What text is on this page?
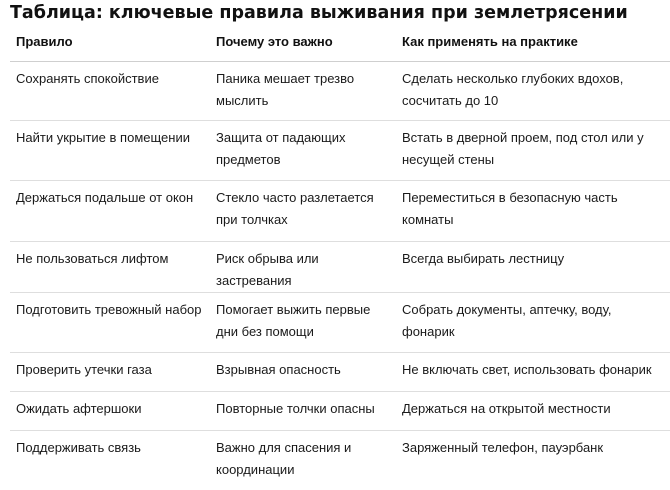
Таблица: ключевые правила выживания при землетрясении
Правило	Почему это важно	Как применять на практике
Сохранять спокойствие	Паника мешает трезво мыслить	Сделать несколько глубоких вдохов, сосчитать до 10
Найти укрытие в помещении	Защита от падающих предметов	Встать в дверной проем, под стол или у несущей стены
Держаться подальше от окон	Стекло часто разлетается при толчках	Переместиться в безопасную часть комнаты
Не пользоваться лифтом	Риск обрыва или застревания	Всегда выбирать лестницу
Подготовить тревожный набор	Помогает выжить первые дни без помощи	Собрать документы, аптечку, воду, фонарик
Проверить утечки газа	Взрывная опасность	Не включать свет, использовать фонарик
Ожидать афтершоки	Повторные толчки опасны	Держаться на открытой местности
Поддерживать связь	Важно для спасения и координации	Заряженный телефон, пауэрбанк
